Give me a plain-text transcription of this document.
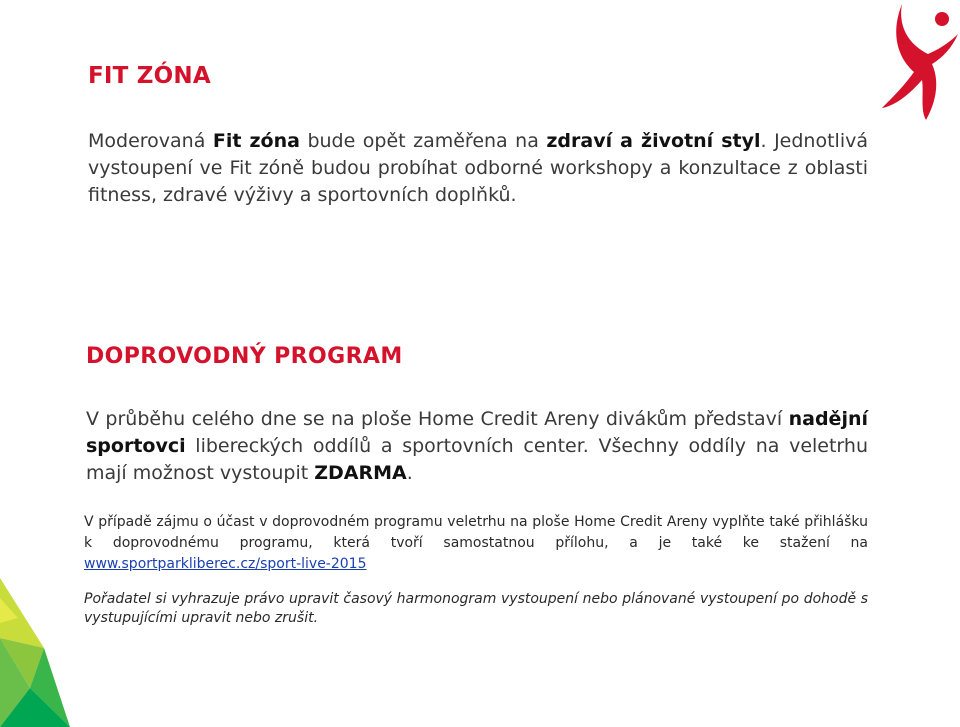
FIT ZÓNA
Moderovaná Fit zóna bude opět zaměřena na zdraví a životní styl. Jednotlivá vystoupení ve Fit zóně budou probíhat odborné workshopy a konzultace z oblasti fitness, zdravé výživy a sportovních doplňků.
DOPROVODNÝ PROGRAM
V průběhu celého dne se na ploše Home Credit Areny divákům představí nadějní sportovci libereckých oddílů a sportovních center. Všechny oddíly na veletrhu mají možnost vystoupit ZDARMA.
V případě zájmu o účast v doprovodném programu veletrhu na ploše Home Credit Areny vyplňte také přihlášku k doprovodnému programu, která tvoří samostatnou přílohu, a je také ke stažení na www.sportparkliberec.cz/sport-live-2015
Pořadatel si vyhrazuje právo upravit časový harmonogram vystoupení nebo plánované vystoupení po dohodě s vystupujícími upravit nebo zrušit.
